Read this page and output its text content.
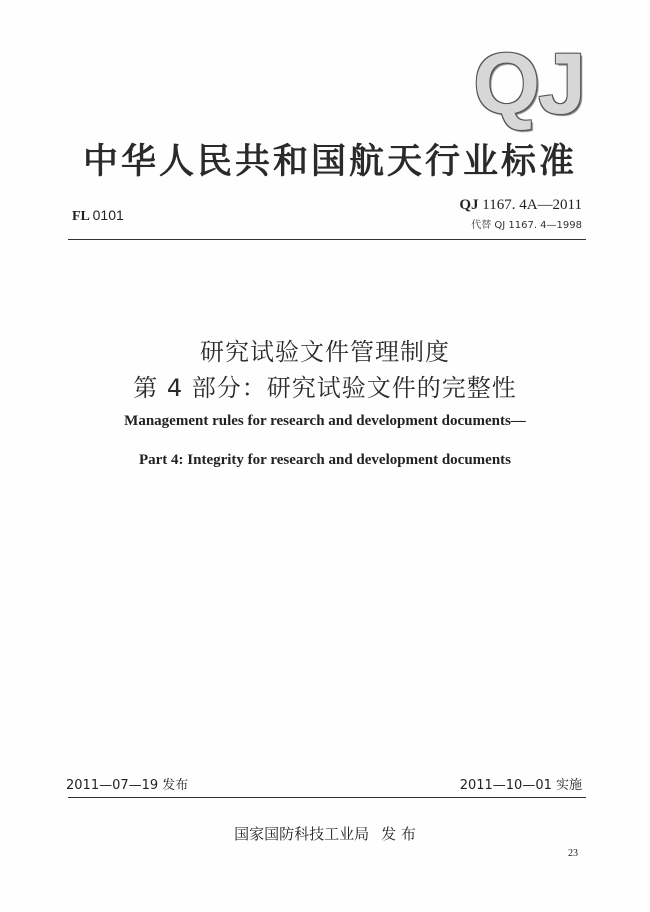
QJ
中华人民共和国航天行业标准
FL 0101
QJ 1167. 4A—2011
代替 QJ 1167. 4—1998
研究试验文件管理制度
第 4 部分：研究试验文件的完整性
Management rules for research and development documents—
Part 4: Integrity for research and development documents
2011—07—19 发布	2011—10—01 实施
国家国防科技工业局 发 布
23
